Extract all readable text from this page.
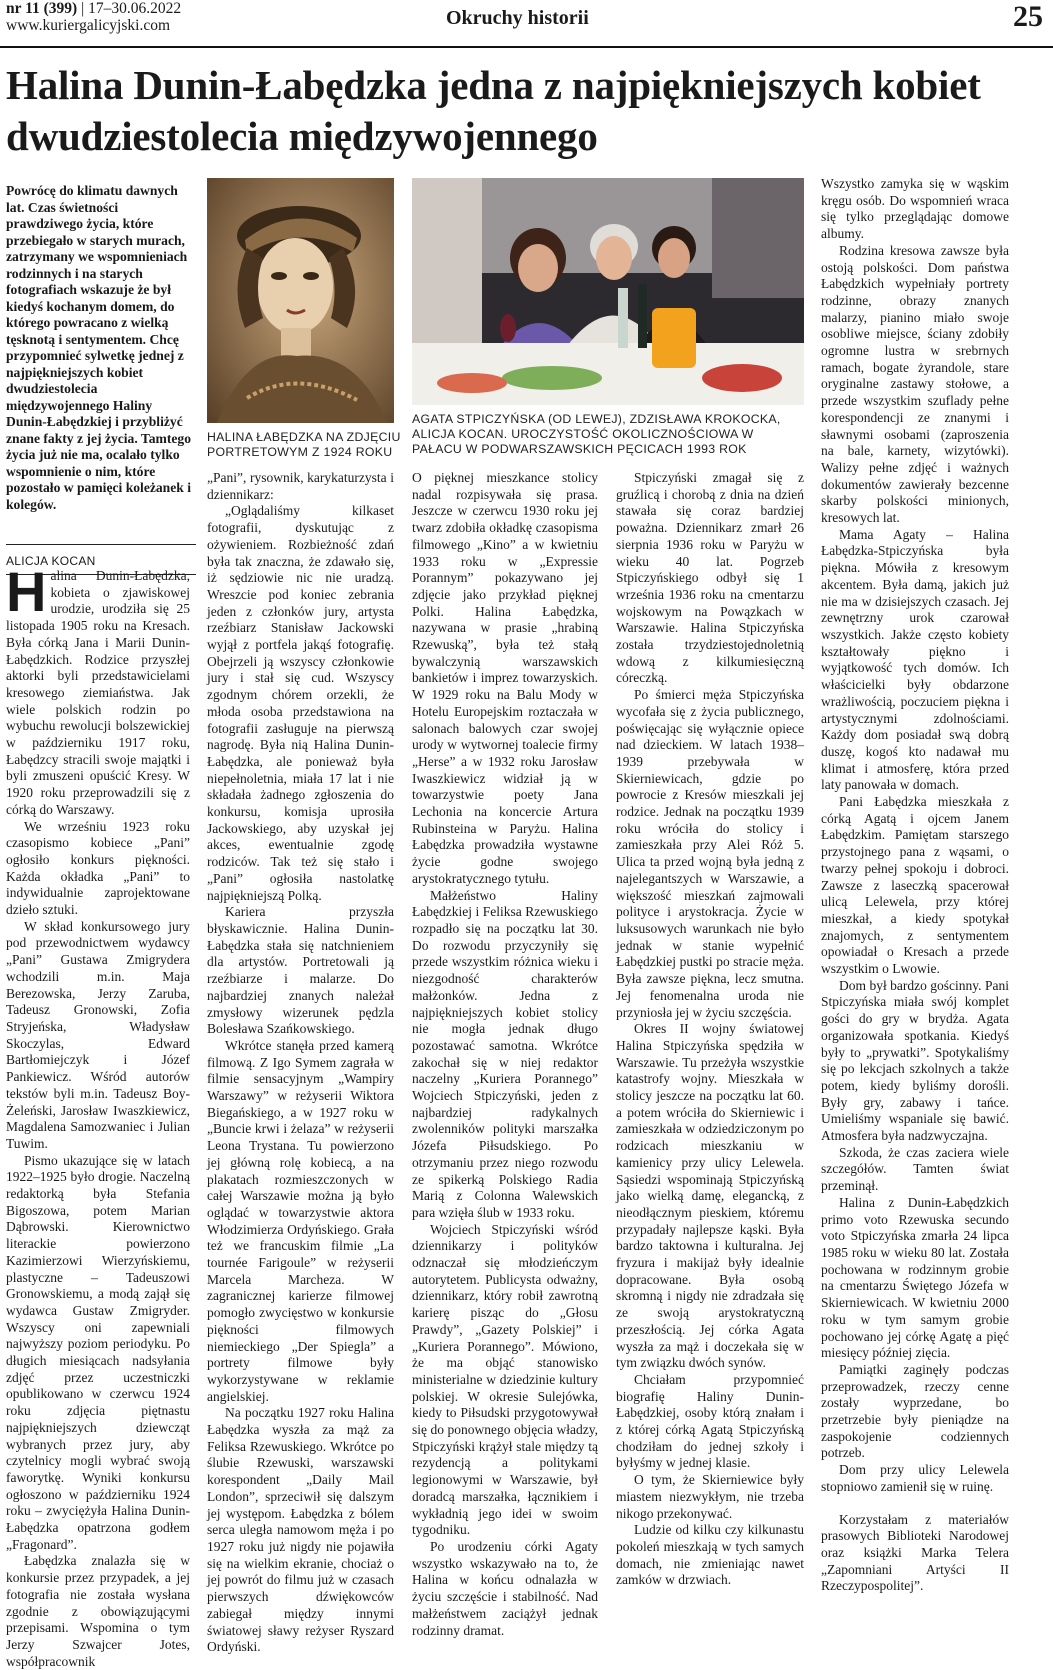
nr 11 (399) | 17–30.06.2022
www.kuriergalicyjski.com	Okruchy historii	25
Halina Dunin-Łabędzka jedna z najpiękniejszych kobiet dwudziestolecia międzywojennego
Powrócę do klimatu dawnych lat. Czas świetności prawdziwego życia, które przebiegało w starych murach, zatrzymany we wspomnieniach rodzinnych i na starych fotografiach wskazuje że był kiedyś kochanym domem, do którego powracano z wielką tęsknotą i sentymentem. Chcę przypomnieć sylwetkę jednej z najpiękniejszych kobiet dwudziestolecia międzywojennego Haliny Dunin-Łabędzkiej i przybliżyć znane fakty z jej życia. Tamtego życia już nie ma, ocalało tylko wspomnienie o nim, które pozostało w pamięci koleżanek i kolegów.
ALICJA KOCAN

Halina Dunin-Łabędzka, kobieta o zjawiskowej urodzie, urodziła się 25 listopada 1905 roku na Kresach. Była córką Jana i Marii Dunin-Łabędzkich. Rodzice przyszłej aktorki byli przedstawicielami kresowego ziemiaństwa. Jak wiele polskich rodzin po wybuchu rewolucji bolszewickiej w październiku 1917 roku, Łabędzcy stracili swoje majątki i byli zmuszeni opuścić Kresy. W 1920 roku przeprowadzili się z córką do Warszawy.

We wrześniu 1923 roku czasopismo kobiece „Pani” ogłosiło konkurs piękności. Każda okładka „Pani” to indywidualnie zaprojektowane dzieło sztuki.

W skład konkursowego jury pod przewodnictwem wydawcy „Pani” Gustawa Zmigrydera wchodzili m.in. Maja Berezowska, Jerzy Zaruba, Tadeusz Gronowski, Zofia Stryjeńska, Władysław Skoczylas, Edward Bartłomiejczyk i Józef Pankiewicz. Wśród autorów tekstów byli m.in. Tadeusz Boy-Żeleński, Jarosław Iwaszkiewicz, Magdalena Samozwaniec i Julian Tuwim.

Pismo ukazujące się w latach 1922–1925 było drogie. Naczelną redaktorką była Stefania Bigoszowa, potem Marian Dąbrowski. Kierownictwo literackie powierzono Kazimierzowi Wierzyńskiemu, plastyczne – Tadeuszowi Gronowskiemu, a modą zajął się wydawca Gustaw Zmigryder. Wszyscy oni zapewniali najwyższy poziom periodyku. Po długich miesiącach nadsyłania zdjęć przez uczestniczki opublikowano w czerwcu 1924 roku zdjęcia piętnastu najpiękniejszych dziewcząt wybranych przez jury, aby czytelnicy mogli wybrać swoją faworytkę. Wyniki konkursu ogłoszono w październiku 1924 roku – zwyciężyła Halina Dunin-Łabędzka opatrzona godłem „Fragonard”.

Łabędzka znalazła się w konkursie przez przypadek, a jej fotografia nie została wysłana zgodnie z obowiązującymi przepisami. Wspomina o tym Jerzy Szwajcer Jotes, współpracownik

HALINA ŁABĘDZKA NA ZDJĘCIU PORTRETOWYM Z 1924 ROKU

„Pani”, rysownik, karykaturzysta i dziennikarz:

„Oglądaliśmy kilkaset fotografii, dyskutując z ożywieniem. Rozbieżność zdań była tak znaczna, że zdawało się, iż sędziowie nic nie uradzą. Wreszcie pod koniec zebrania jeden z członków jury, artysta rzeźbiarz Stanisław Jackowski wyjął z portfela jakąś fotografię. Obejrzeli ją wszyscy członkowie jury i stał się cud. Wszyscy zgodnym chórem orzekli, że młoda osoba przedstawiona na fotografii zasługuje na pierwszą nagrodę. Była nią Halina Dunin-Łabędzka, ale ponieważ była niepełnoletnia, miała 17 lat i nie składała żadnego zgłoszenia do konkursu, komisja uprosiła Jackowskiego, aby uzyskał jej akces, ewentualnie zgodę rodziców. Tak też się stało i „Pani” ogłosiła nastolatkę najpiękniejszą Polką.

Kariera przyszła błyskawicznie. Halina Dunin-Łabędzka stała się natchnieniem dla artystów. Portretowali ją rzeźbiarze i malarze. Do najbardziej znanych należał zmysłowy wizerunek pędzla Bolesława Szańkowskiego.

Wkrótce stanęła przed kamerą filmową. Z Igo Symem zagrała w filmie sensacyjnym „Wampiry Warszawy” w reżyserii Wiktora Biegańskiego, a w 1927 roku w „Buncie krwi i żelaza” w reżyserii Leona Trystana. Tu powierzono jej główną rolę kobiecą, a na plakatach rozmieszczonych w całej Warszawie można ją było oglądać w towarzystwie aktora Włodzimierza Ordyńskiego. Grała też we francuskim filmie „La tournée Farigoule” w reżyserii Marcela Marcheza. W zagranicznej karierze filmowej pomogło zwycięstwo w konkursie piękności filmowych niemieckiego „Der Spiegla” a portrety filmowe były wykorzystywane w reklamie angielskiej.

Na początku 1927 roku Halina Łabędzka wyszła za mąż za Feliksa Rzewuskiego. Wkrótce po ślubie Rzewuski, warszawski korespondent „Daily Mail London”, sprzeciwił się dalszym jej występom. Łabędzka z bólem serca uległa namowom męża i po 1927 roku już nigdy nie pojawiła się na wielkim ekranie, chociaż o jej powrót do filmu już w czasach pierwszych dźwiękowców zabiegał między innymi światowej sławy reżyser Ryszard Ordyński.

AGATA STPICZYŃSKA (OD LEWEJ), ZDZISŁAWA KROKOCKA, ALICJA KOCAN. UROCZYSTOŚĆ OKOLICZNOŚCIOWA W PAŁACU W PODWARSZAWSKICH PĘCICACH 1993 ROK

O pięknej mieszkance stolicy nadal rozpisywała się prasa. Jeszcze w czerwcu 1930 roku jej twarz zdobiła okładkę czasopisma filmowego „Kino” a w kwietniu 1933 roku w „Expressie Porannym” pokazywano jej zdjęcie jako przykład pięknej Polki. Halina Łabędzka, nazywana w prasie „hrabiną Rzewuską”, była też stałą bywalczynią warszawskich bankietów i imprez towarzyskich. W 1929 roku na Balu Mody w Hotelu Europejskim roztaczała w salonach balowych czar swojej urody w wytwornej toalecie firmy „Herse” a w 1932 roku Jarosław Iwaszkiewicz widział ją w towarzystwie poety Jana Lechonia na koncercie Artura Rubinsteina w Paryżu. Halina Łabędzka prowadziła wystawne życie godne swojego arystokratycznego tytułu.

Małżeństwo Haliny Łabędzkiej i Feliksa Rzewuskiego rozpadło się na początku lat 30. Do rozwodu przyczyniły się przede wszystkim różnica wieku i niezgodność charakterów małżonków. Jedna z najpiękniejszych kobiet stolicy nie mogła jednak długo pozostawać samotna. Wkrótce zakochał się w niej redaktor naczelny „Kuriera Porannego” Wojciech Stpiczyński, jeden z najbardziej radykalnych zwolenników polityki marszałka Józefa Piłsudskiego. Po otrzymaniu przez niego rozwodu ze spikerką Polskiego Radia Marią z Colonna Walewskich para wzięła ślub w 1933 roku.

Wojciech Stpiczyński wśród dziennikarzy i polityków odznaczał się młodzieńczym autorytetem. Publicysta odważny, dziennikarz, który robił zawrotną karierę pisząc do „Głosu Prawdy”, „Gazety Polskiej” i „Kuriera Porannego”. Mówiono, że ma objąć stanowisko ministerialne w dziedzinie kultury polskiej. W okresie Sulejówka, kiedy to Piłsudski przygotowywał się do ponownego objęcia władzy, Stpiczyński krążył stale między tą rezydencją a politykami legionowymi w Warszawie, był doradcą marszałka, łącznikiem i wykładnią jego idei w swoim tygodniku.

Po urodzeniu córki Agaty wszystko wskazywało na to, że Halina w końcu odnalazła w życiu szczęście i stabilność. Nad małżeństwem zaciążył jednak rodzinny dramat.

Stpiczyński zmagał się z gruźlicą i chorobą z dnia na dzień stawała się coraz bardziej poważna. Dziennikarz zmarł 26 sierpnia 1936 roku w Paryżu w wieku 40 lat. Pogrzeb Stpiczyńskiego odbył się 1 września 1936 roku na cmentarzu wojskowym na Powązkach w Warszawie. Halina Stpiczyńska została trzydziestojednoletnią wdową z kilkumiesięczną córeczką.

Po śmierci męża Stpiczyńska wycofała się z życia publicznego, poświęcając się wyłącznie opiece nad dzieckiem. W latach 1938–1939 przebywała w Skierniewicach, gdzie po powrocie z Kresów mieszkali jej rodzice. Jednak na początku 1939 roku wróciła do stolicy i zamieszkała przy Alei Róż 5. Ulica ta przed wojną była jedną z najelegantszych w Warszawie, a większość mieszkań zajmowali polityce i arystokracja. Życie w luksusowych warunkach nie było jednak w stanie wypełnić Łabędzkiej pustki po stracie męża. Była zawsze piękna, lecz smutna. Jej fenomenalna uroda nie przyniosła jej w życiu szczęścia.

Okres II wojny światowej Halina Stpiczyńska spędziła w Warszawie. Tu przeżyła wszystkie katastrofy wojny. Mieszkała w stolicy jeszcze na początku lat 60. a potem wróciła do Skierniewic i zamieszkała w odziedziczonym po rodzicach mieszkaniu w kamienicy przy ulicy Lelewela. Sąsiedzi wspominają Stpiczyńską jako wielką damę, elegancką, z nieodłącznym pieskiem, któremu przypadały najlepsze kąski. Była bardzo taktowna i kulturalna. Jej fryzura i makijaż były idealnie dopracowane. Była osobą skromną i nigdy nie zdradzała się ze swoją arystokratyczną przeszłością. Jej córka Agata wyszła za mąż i doczekała się w tym związku dwóch synów.

Chciałam przypomnieć biografię Haliny Dunin-Łabędzkiej, osoby którą znałam i z której córką Agatą Stpiczyńską chodziłam do jednej szkoły i byłyśmy w jednej klasie.

O tym, że Skierniewice były miastem niezwykłym, nie trzeba nikogo przekonywać.

Ludzie od kilku czy kilkunastu pokoleń mieszkają w tych samych domach, nie zmieniając nawet zamków w drzwiach.

Wszystko zamyka się w wąskim kręgu osób. Do wspomnień wraca się tylko przeglądając domowe albumy.

Rodzina kresowa zawsze była ostoją polskości. Dom państwa Łabędzkich wypełniały portrety rodzinne, obrazy znanych malarzy, pianino miało swoje osobliwe miejsce, ściany zdobiły ogromne lustra w srebrnych ramach, bogate żyrandole, stare oryginalne zastawy stołowe, a przede wszystkim szuflady pełne korespondencji ze znanymi i sławnymi osobami (zaproszenia na bale, karnety, wizytówki). Walizy pełne zdjęć i ważnych dokumentów zawierały bezcenne skarby polskości minionych, kresowych lat.

Mama Agaty – Halina Łabędzka-Stpiczyńska była piękna. Mówiła z kresowym akcentem. Była damą, jakich już nie ma w dzisiejszych czasach. Jej zewnętrzny urok czarował wszystkich. Jakże często kobiety kształtowały piękno i wyjątkowość tych domów. Ich właścicielki były obdarzone wrażliwością, poczuciem piękna i artystycznymi zdolnościami. Każdy dom posiadał swą dobrą duszę, kogoś kto nadawał mu klimat i atmosferę, która przed laty panowała w domach.

Pani Łabędzka mieszkała z córką Agatą i ojcem Janem Łabędzkim. Pamiętam starszego przystojnego pana z wąsami, o twarzy pełnej spokoju i dobroci. Zawsze z laseczką spacerował ulicą Lelewela, przy której mieszkał, a kiedy spotykał znajomych, z sentymentem opowiadał o Kresach a przede wszystkim o Lwowie.

Dom był bardzo gościnny. Pani Stpiczyńska miała swój komplet gości do gry w brydża. Agata organizowała spotkania. Kiedyś były to „prywatki”. Spotykaliśmy się po lekcjach szkolnych a także potem, kiedy byliśmy dorośli. Były gry, zabawy i tańce. Umieliśmy wspaniale się bawić. Atmosfera była nadzwyczajna.

Szkoda, że czas zaciera wiele szczegółów. Tamten świat przeminął.

Halina z Dunin-Łabędzkich primo voto Rzewuska secundo voto Stpiczyńska zmarła 24 lipca 1985 roku w wieku 80 lat. Została pochowana w rodzinnym grobie na cmentarzu Świętego Józefa w Skierniewicach. W kwietniu 2000 roku w tym samym grobie pochowano jej córkę Agatę a pięć miesięcy później zięcia.

Pamiątki zaginęły podczas przeprowadzek, rzeczy cenne zostały wyprzedane, bo przetrzebie były pieniądze na zaspokojenie codziennych potrzeb.

Dom przy ulicy Lelewela stopniowo zamienił się w ruinę.

Korzystałam z materiałów prasowych Biblioteki Narodowej oraz książki Marka Telera „Zapomniani Artyści II Rzeczypospolitej”.
